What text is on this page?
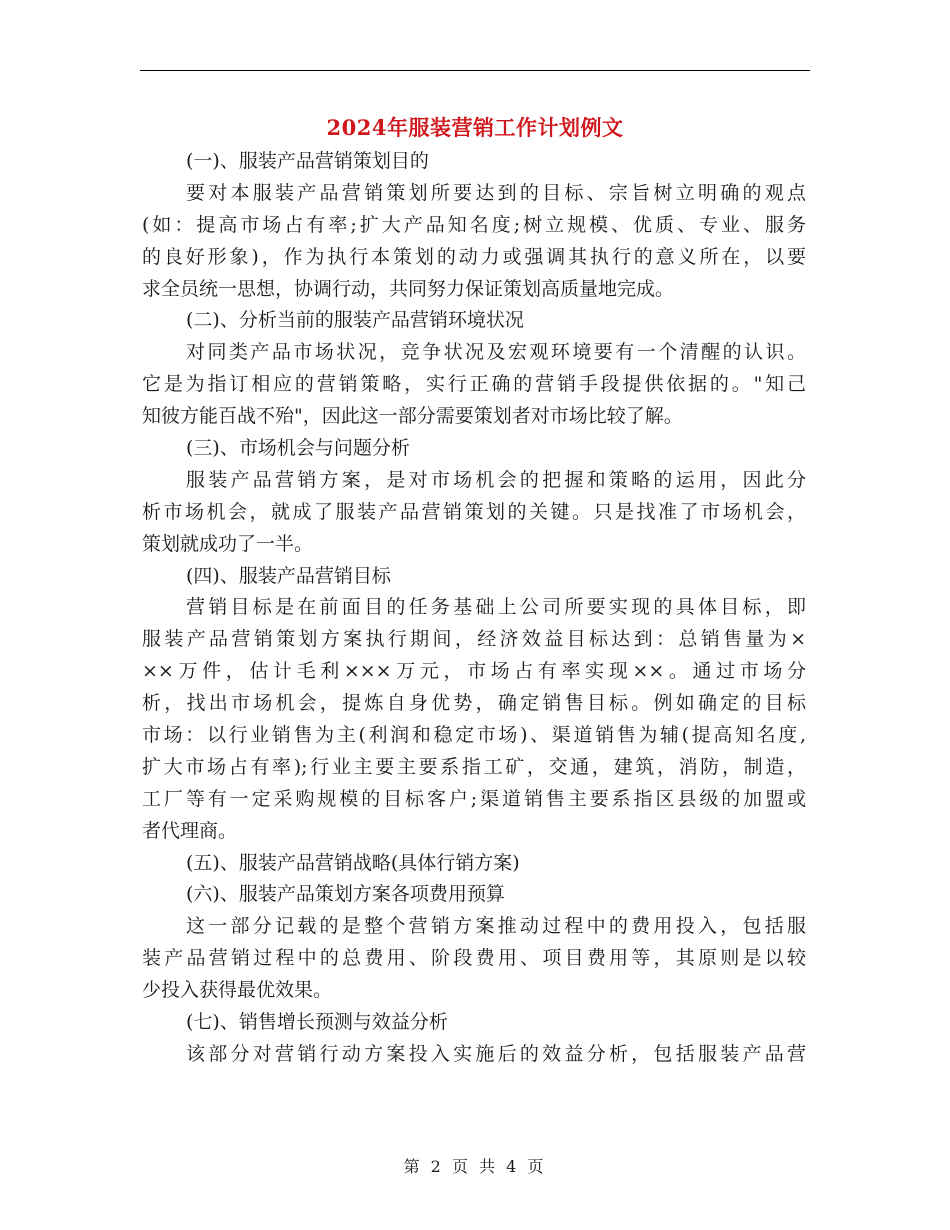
2024年服装营销工作计划例文
(一)、服装产品营销策划目的
要对本服装产品营销策划所要达到的目标、宗旨树立明确的观点
(如：提高市场占有率;扩大产品知名度;树立规模、优质、专业、服务
的良好形象)，作为执行本策划的动力或强调其执行的意义所在，以要
求全员统一思想，协调行动，共同努力保证策划高质量地完成。
(二)、分析当前的服装产品营销环境状况
对同类产品市场状况，竞争状况及宏观环境要有一个清醒的认识。
它是为指订相应的营销策略，实行正确的营销手段提供依据的。"知己
知彼方能百战不殆"，因此这一部分需要策划者对市场比较了解。
(三)、市场机会与问题分析
服装产品营销方案，是对市场机会的把握和策略的运用，因此分
析市场机会，就成了服装产品营销策划的关键。只是找准了市场机会，
策划就成功了一半。
(四)、服装产品营销目标
营销目标是在前面目的任务基础上公司所要实现的具体目标，即
服装产品营销策划方案执行期间，经济效益目标达到：总销售量为×
××万件，估计毛利×××万元，市场占有率实现××。通过市场分
析，找出市场机会，提炼自身优势，确定销售目标。例如确定的目标
市场：以行业销售为主(利润和稳定市场)、渠道销售为辅(提高知名度,
扩大市场占有率);行业主要主要系指工矿，交通，建筑，消防，制造，
工厂等有一定采购规模的目标客户;渠道销售主要系指区县级的加盟或
者代理商。
(五)、服装产品营销战略(具体行销方案)
(六)、服装产品策划方案各项费用预算
这一部分记载的是整个营销方案推动过程中的费用投入，包括服
装产品营销过程中的总费用、阶段费用、项目费用等，其原则是以较
少投入获得最优效果。
(七)、销售增长预测与效益分析
该部分对营销行动方案投入实施后的效益分析，包括服装产品营
第 2 页 共 4 页
